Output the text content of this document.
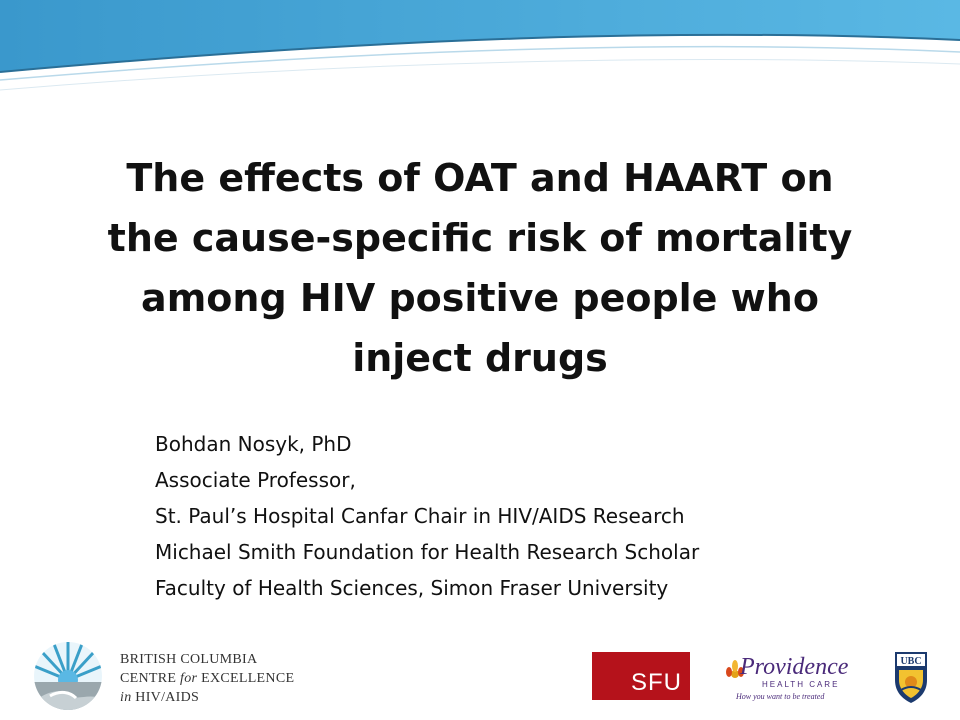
The effects of OAT and HAART on
the cause-specific risk of mortality
among HIV positive people who
inject drugs
Bohdan Nosyk, PhD
Associate Professor,
St. Paul’s Hospital Canfar Chair in HIV/AIDS Research
Michael Smith Foundation for Health Research Scholar
Faculty of Health Sciences, Simon Fraser University
BRITISH COLUMBIA
CENTRE for EXCELLENCE
in HIV/AIDS
SFU
Providence
HEALTH CARE
How you want to be treated
UBC
